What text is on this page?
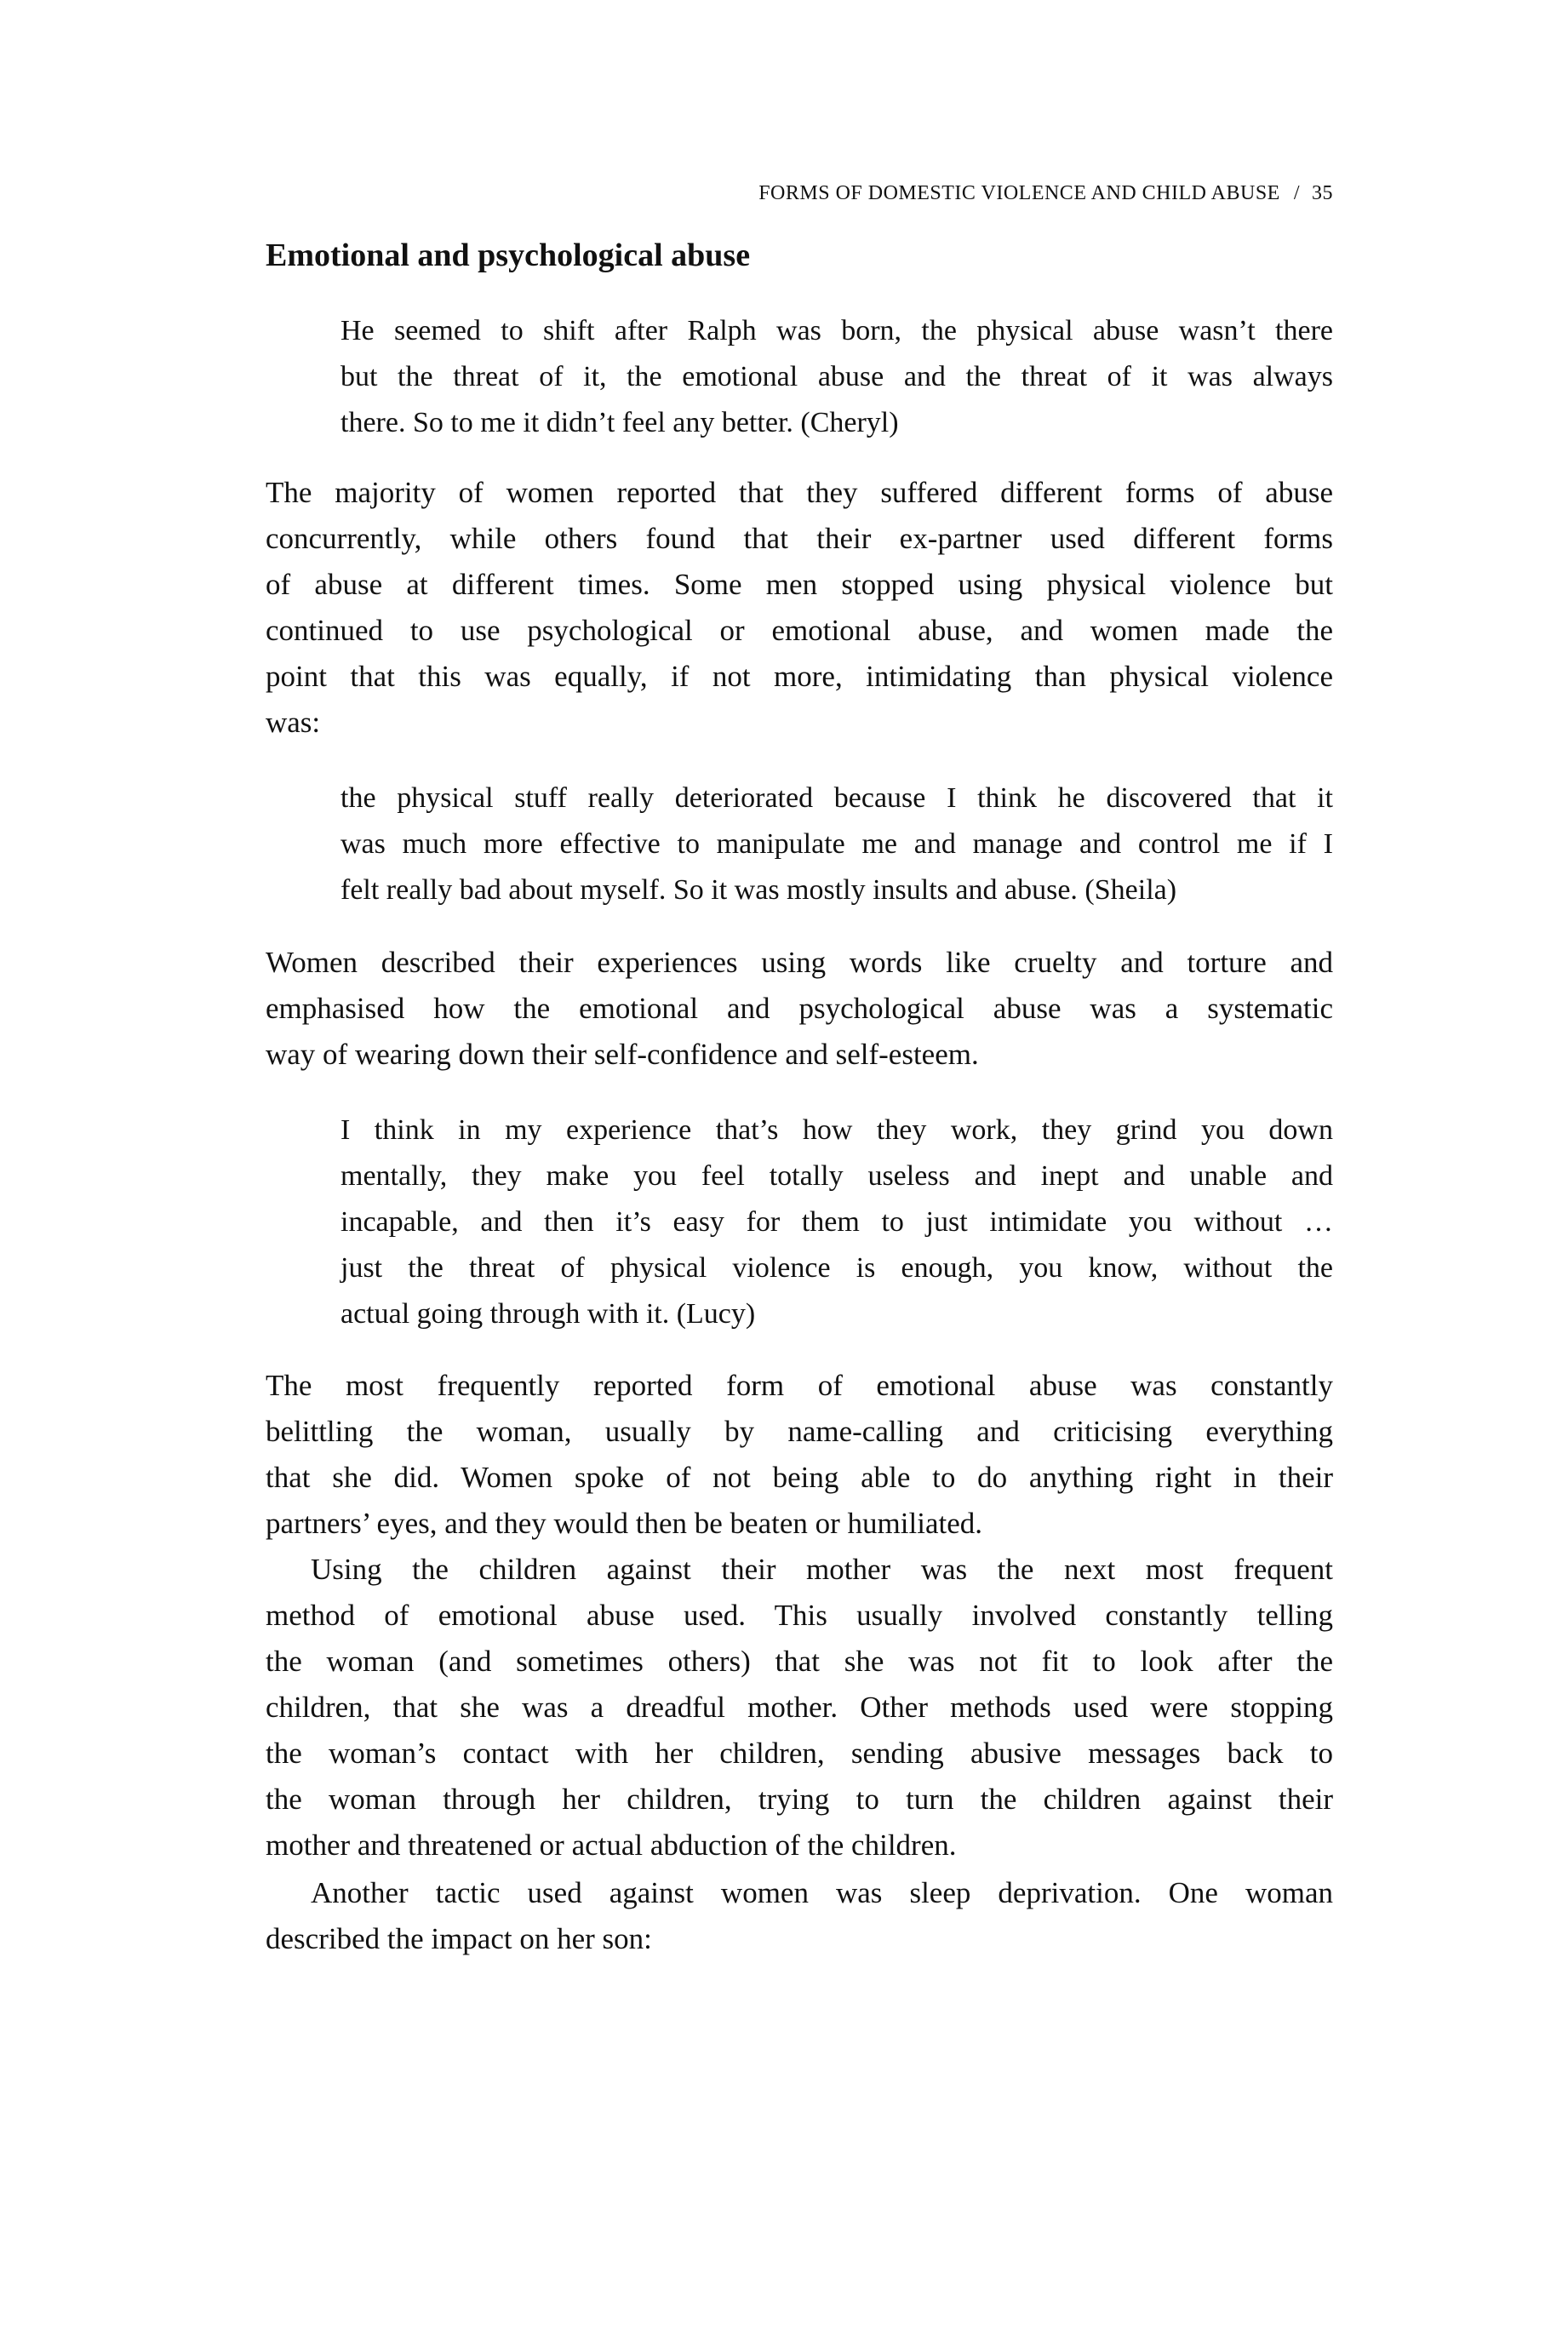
FORMS OF DOMESTIC VIOLENCE AND CHILD ABUSE / 35
Emotional and psychological abuse
He seemed to shift after Ralph was born, the physical abuse wasn’t there
but the threat of it, the emotional abuse and the threat of it was always
there. So to me it didn’t feel any better. (Cheryl)
The majority of women reported that they suffered different forms of abuse
concurrently, while others found that their ex-partner used different forms
of abuse at different times. Some men stopped using physical violence but
continued to use psychological or emotional abuse, and women made the
point that this was equally, if not more, intimidating than physical violence
was:
the physical stuff really deteriorated because I think he discovered that it
was much more effective to manipulate me and manage and control me if I
felt really bad about myself. So it was mostly insults and abuse. (Sheila)
Women described their experiences using words like cruelty and torture and
emphasised how the emotional and psychological abuse was a systematic
way of wearing down their self-confidence and self-esteem.
I think in my experience that’s how they work, they grind you down
mentally, they make you feel totally useless and inept and unable and
incapable, and then it’s easy for them to just intimidate you without …
just the threat of physical violence is enough, you know, without the
actual going through with it. (Lucy)
The most frequently reported form of emotional abuse was constantly
belittling the woman, usually by name-calling and criticising everything
that she did. Women spoke of not being able to do anything right in their
partners’ eyes, and they would then be beaten or humiliated.
Using the children against their mother was the next most frequent
method of emotional abuse used. This usually involved constantly telling
the woman (and sometimes others) that she was not fit to look after the
children, that she was a dreadful mother. Other methods used were stopping
the woman’s contact with her children, sending abusive messages back to
the woman through her children, trying to turn the children against their
mother and threatened or actual abduction of the children.
Another tactic used against women was sleep deprivation. One woman
described the impact on her son:
